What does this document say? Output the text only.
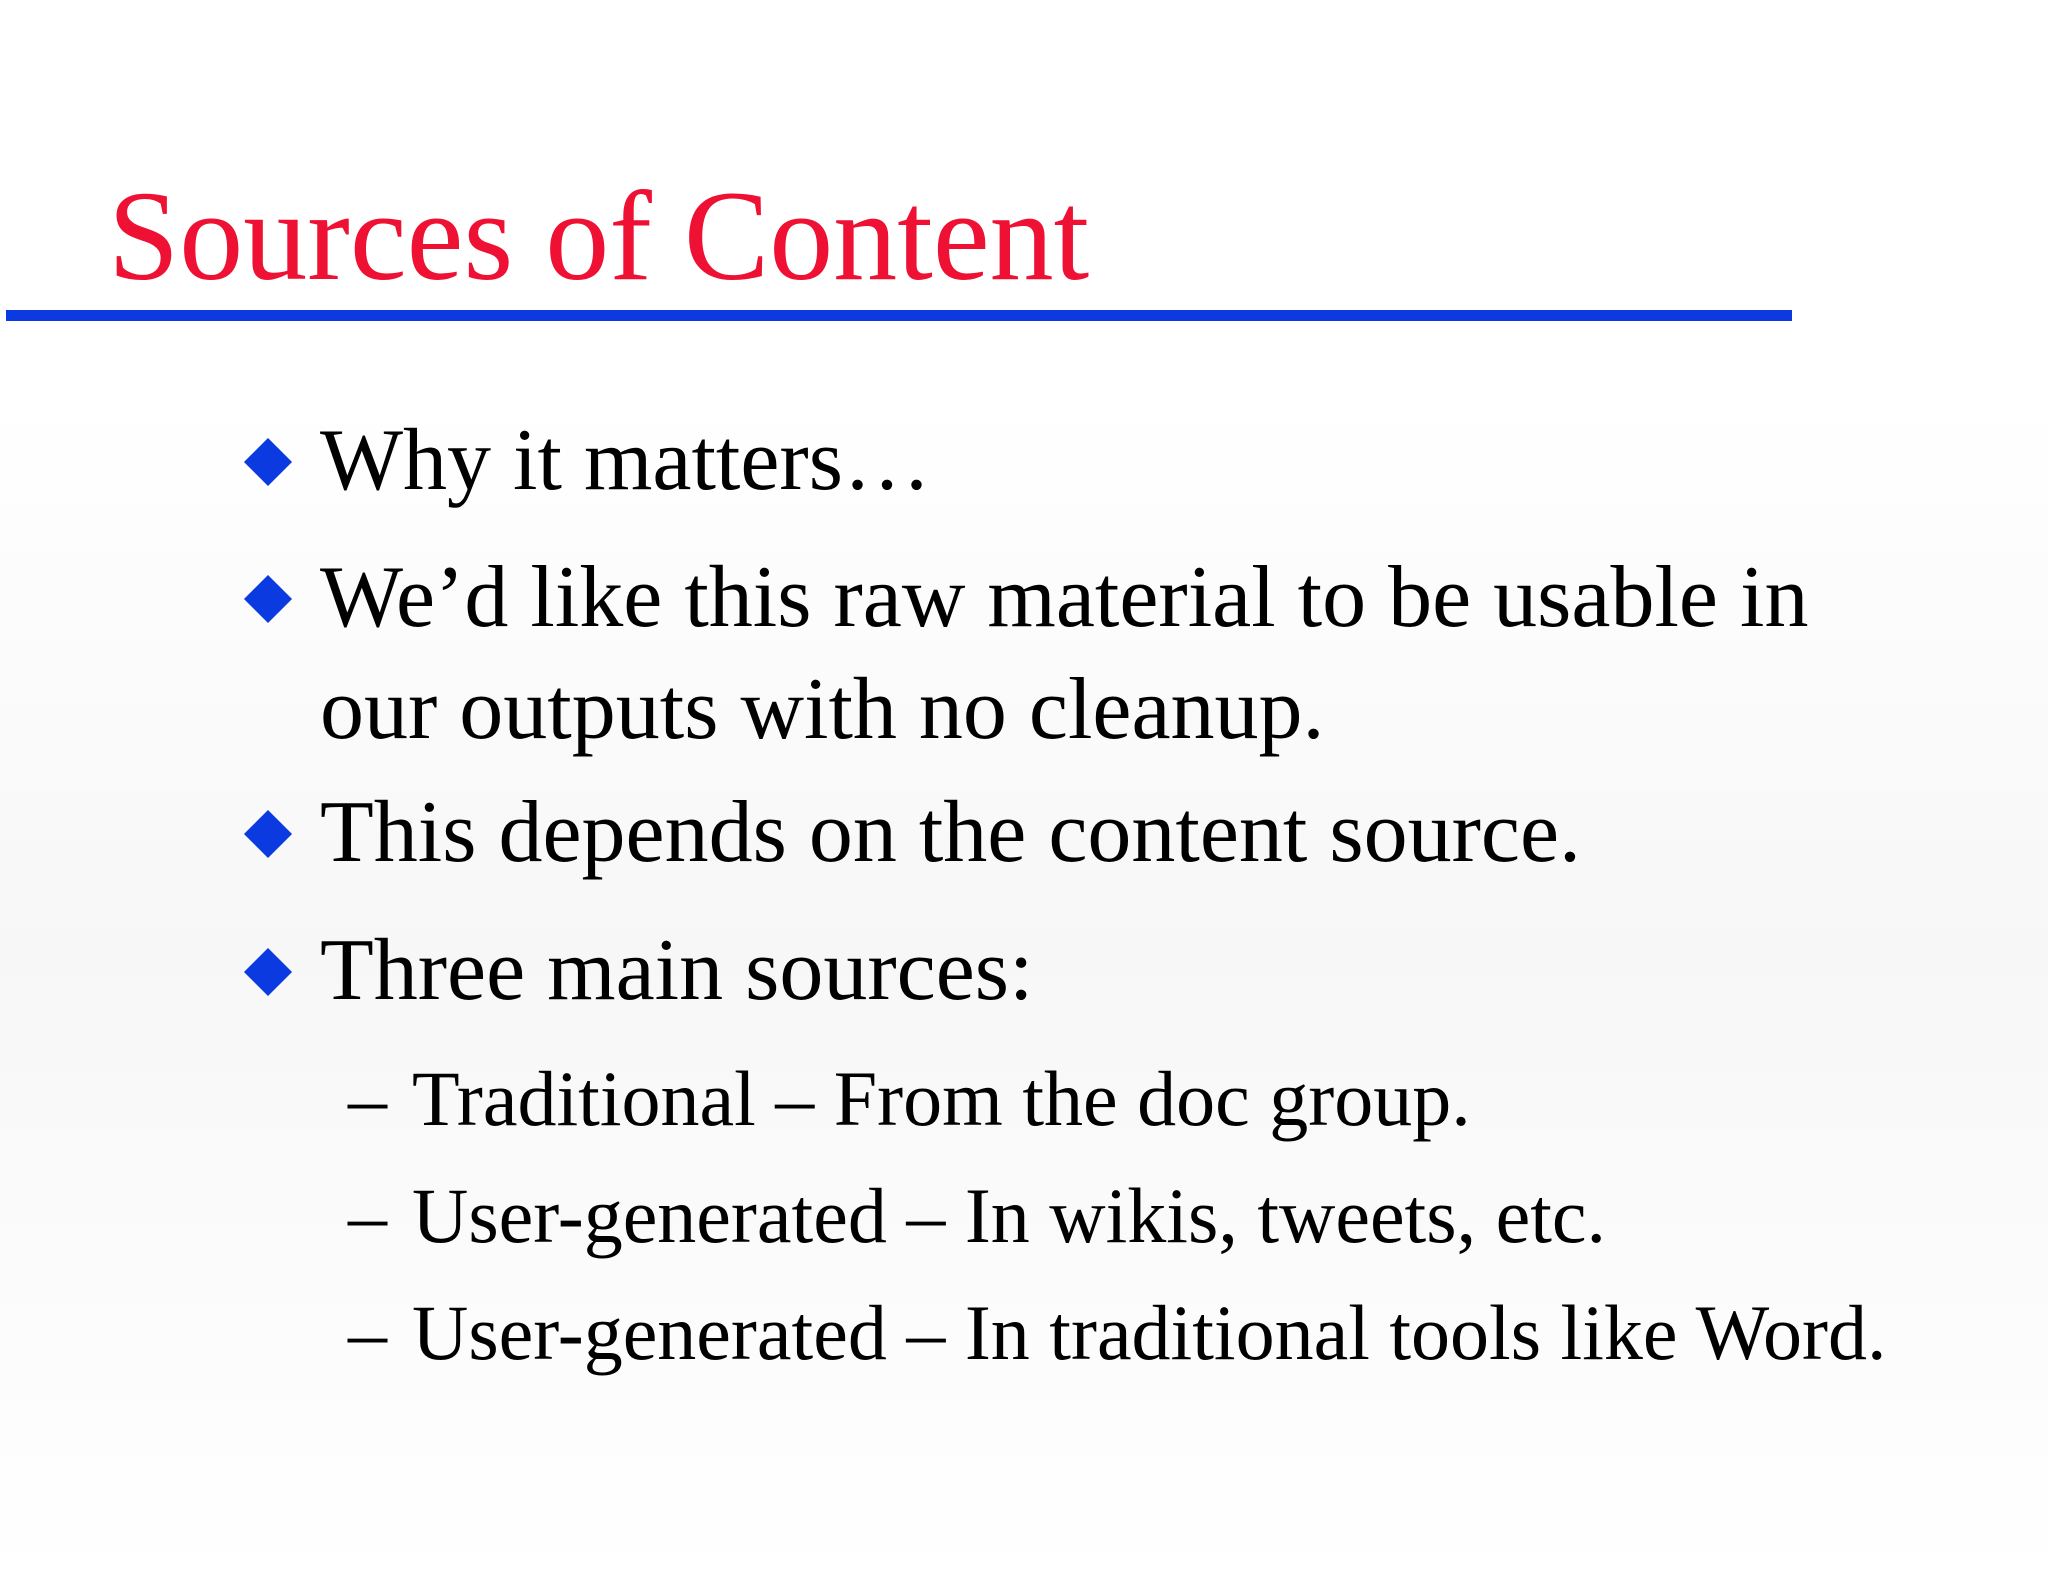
Sources of Content

Why it matters…

We’d like this raw material to be usable in

our outputs with no cleanup.

This depends on the content source.

Three main sources:

– Traditional – From the doc group.

– User-generated – In wikis, tweets, etc.

– User-generated – In traditional tools like Word.
